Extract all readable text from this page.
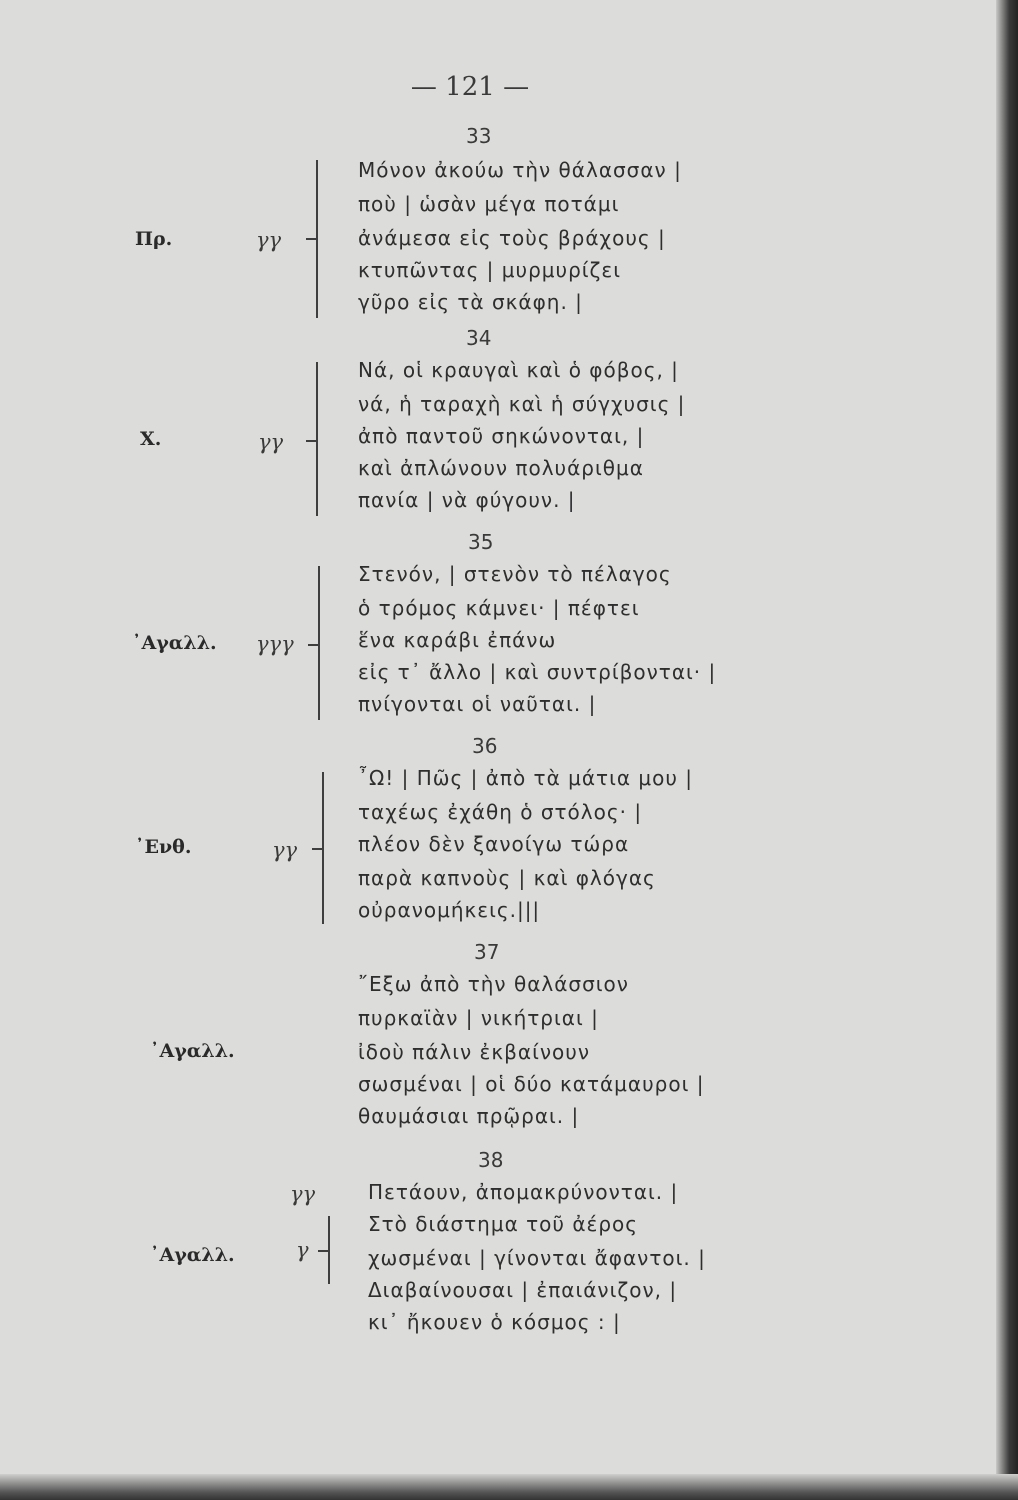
— 121 —
33
Πρ.	γγ
Μόνον ἀκούω τὴν θάλασσαν |
ποὺ | ὡσὰν μέγα ποτάμι
ἀνάμεσα εἰς τοὺς βράχους |
κτυπῶντας | μυρμυρίζει
γῦρο εἰς τὰ σκάφη. |
34
Χ.	γγ
Νά, οἱ κραυγαὶ καὶ ὁ φόβος, |
νά, ἡ ταραχὴ καὶ ἡ σύγχυσις |
ἀπὸ παντοῦ σηκώνονται, |
καὶ ἀπλώνουν πολυάριθμα
πανία | νὰ φύγουν. |
35
᾿Αγαλλ. γγγ
Στενόν, | στενὸν τὸ πέλαγος
ὁ τρόμος κάμνει· | πέφτει
ἕνα καράβι ἐπάνω
εἰς τ᾿ ἄλλο | καὶ συντρίβονται· |
πνίγονται οἱ ναῦται. |
36
᾿Ενθ.	γγ
῏Ω! | Πῶς | ἀπὸ τὰ μάτια μου |
ταχέως ἐχάθη ὁ στόλος· |
πλέον δὲν ξανοίγω τώρα
παρὰ καπνοὺς | καὶ φλόγας
οὐρανομήκεις.|||
37
᾿Αγαλλ.
῎Εξω ἀπὸ τὴν θαλάσσιον
πυρκαϊὰν | νικήτριαι |
ἰδοὺ πάλιν ἐκβαίνουν
σωσμέναι | οἱ δύο κατάμαυροι |
θαυμάσιαι πρῷραι. |
38
γγ
᾿Αγαλλ.	γ
Πετάουν, ἀπομακρύνονται. |
Στὸ διάστημα τοῦ ἀέρος
χωσμέναι | γίνονται ἄφαντοι. |
Διαβαίνουσαι | ἐπαιάνιζον, |
κι᾿ ἤκουεν ὁ κόσμος : |
